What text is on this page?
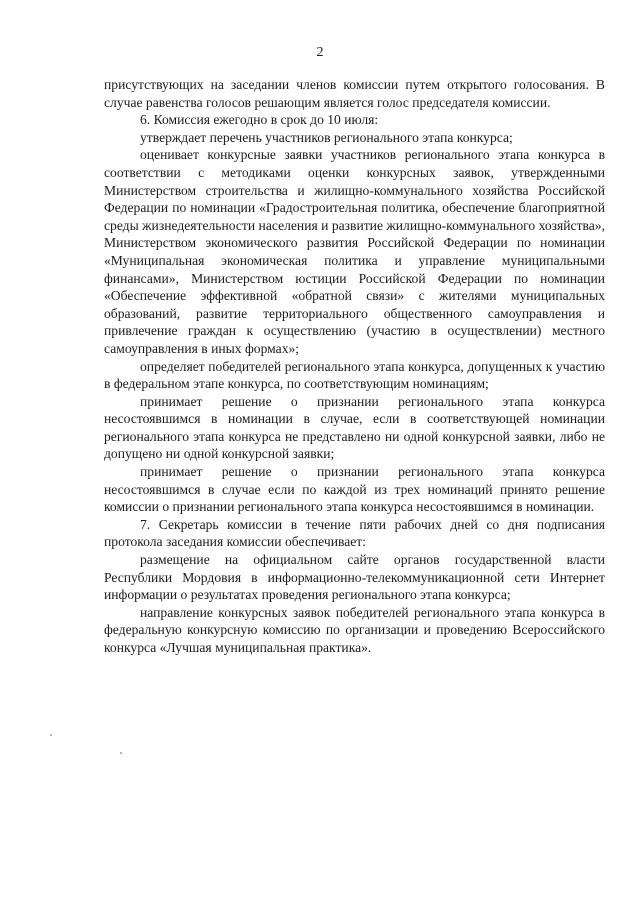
2

присутствующих на заседании членов комиссии путем открытого голосования. В случае равенства голосов решающим является голос председателя комиссии.

6. Комиссия ежегодно в срок до 10 июля:

утверждает перечень участников регионального этапа конкурса;

оценивает конкурсные заявки участников регионального этапа конкурса в соответствии с методиками оценки конкурсных заявок, утвержденными Министерством строительства и жилищно-коммунального хозяйства Российской Федерации по номинации «Градостроительная политика, обеспечение благоприятной среды жизнедеятельности населения и развитие жилищно-коммунального хозяйства», Министерством экономического развития Российской Федерации по номинации «Муниципальная экономическая политика и управление муниципальными финансами», Министерством юстиции Российской Федерации по номинации «Обеспечение эффективной «обратной связи» с жителями муниципальных образований, развитие территориального общественного самоуправления и привлечение граждан к осуществлению (участию в осуществлении) местного самоуправления в иных формах»;

определяет победителей регионального этапа конкурса, допущенных к участию в федеральном этапе конкурса, по соответствующим номинациям;

принимает решение о признании регионального этапа конкурса несостоявшимся в номинации в случае, если в соответствующей номинации регионального этапа конкурса не представлено ни одной конкурсной заявки, либо не допущено ни одной конкурсной заявки;

принимает решение о признании регионального этапа конкурса несостоявшимся в случае если по каждой из трех номинаций принято решение комиссии о признании регионального этапа конкурса несостоявшимся в номинации.

7. Секретарь комиссии в течение пяти рабочих дней со дня подписания протокола заседания комиссии обеспечивает:

размещение на официальном сайте органов государственной власти Республики Мордовия в информационно-телекоммуникационной сети Интернет информации о результатах проведения регионального этапа конкурса;

направление конкурсных заявок победителей регионального этапа конкурса в федеральную конкурсную комиссию по организации и проведению Всероссийского конкурса «Лучшая муниципальная практика».
